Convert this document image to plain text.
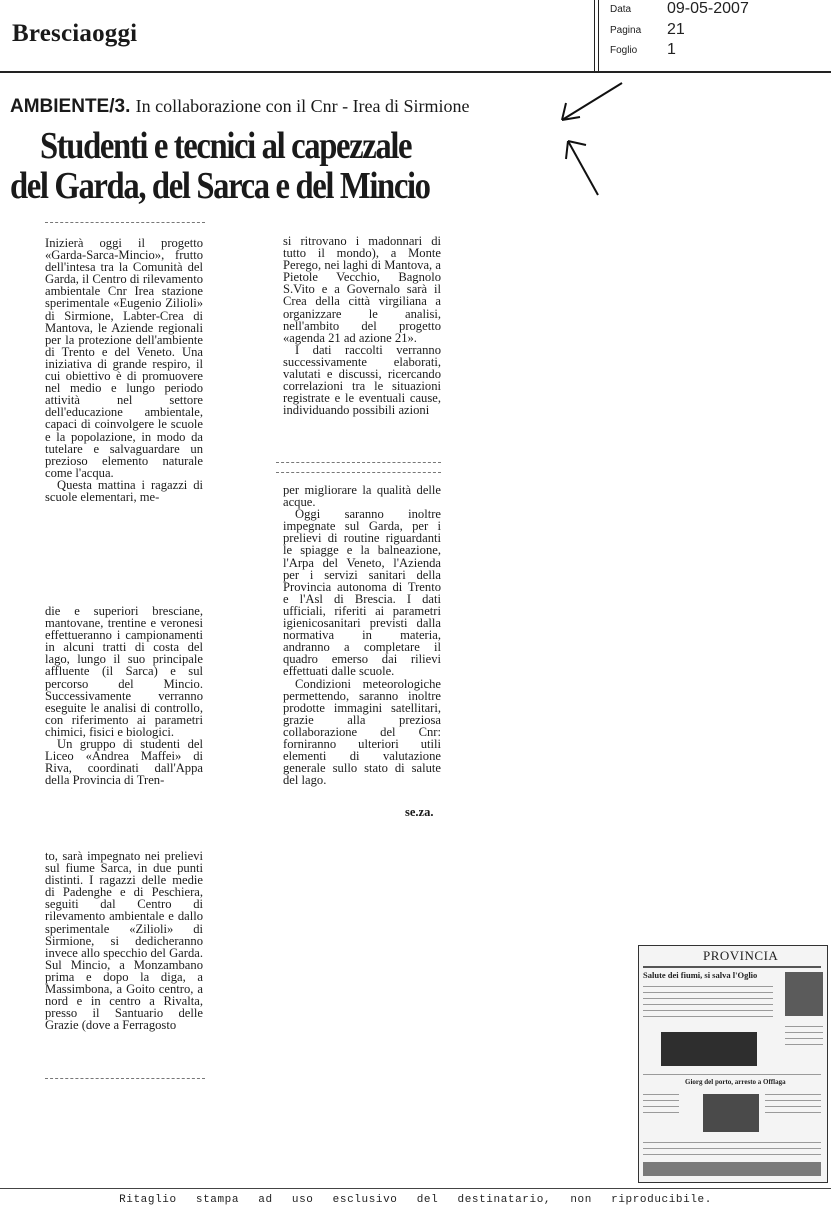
Bresciaoggi
Data 09-05-2007
Pagina 21
Foglio 1
AMBIENTE/3. In collaborazione con il Cnr - Irea di Sirmione
Studenti e tecnici al capezzale
del Garda, del Sarca e del Mincio

Inizierà oggi il progetto «Garda-Sarca-Mincio», frutto dell'intesa tra la Comunità del Garda, il Centro di rilevamento ambientale Cnr Irea stazione sperimentale «Eugenio Zilioli» di Sirmione, Labter-Crea di Mantova, le Aziende regionali per la protezione dell'ambiente di Trento e del Veneto. Una iniziativa di grande respiro, il cui obiettivo è di promuovere nel medio e lungo periodo attività nel settore dell'educazione ambientale, capaci di coinvolgere le scuole e la popolazione, in modo da tutelare e salvaguardare un prezioso elemento naturale come l'acqua.

Questa mattina i ragazzi di scuole elementari, me-

die e superiori bresciane, mantovane, trentine e veronesi effettueranno i campionamenti in alcuni tratti di costa del lago, lungo il suo principale affluente (il Sarca) e sul percorso del Mincio. Successivamente verranno eseguite le analisi di controllo, con riferimento ai parametri chimici, fisici e biologici.

Un gruppo di studenti del Liceo «Andrea Maffei» di Riva, coordinati dall'Appa della Provincia di Tren-

to, sarà impegnato nei prelievi sul fiume Sarca, in due punti distinti. I ragazzi delle medie di Padenghe e di Peschiera, seguiti dal Centro di rilevamento ambientale e dallo sperimentale «Zilioli» di Sirmione, si dedicheranno invece allo specchio del Garda. Sul Mincio, a Monzambano prima e dopo la diga, a Massimbona, a Goito centro, a nord e in centro a Rivalta, presso il Santuario delle Grazie (dove a Ferragosto

si ritrovano i madonnari di tutto il mondo), a Monte Perego, nei laghi di Mantova, a Pietole Vecchio, Bagnolo S.Vito e a Governalo sarà il Crea della città virgiliana a organizzare le analisi, nell'ambito del progetto «agenda 21 ad azione 21».

I dati raccolti verranno successivamente elaborati, valutati e discussi, ricercando correlazioni tra le situazioni registrate e le eventuali cause, individuando possibili azioni

per migliorare la qualità delle acque.

Oggi saranno inoltre impegnate sul Garda, per i prelievi di routine riguardanti le spiagge e la balneazione, l'Arpa del Veneto, l'Azienda per i servizi sanitari della Provincia autonoma di Trento e l'Asl di Brescia. I dati ufficiali, riferiti ai parametri igienicosanitari previsti dalla normativa in materia, andranno a completare il quadro emerso dai rilievi effettuati dalle scuole.

Condizioni meteorologiche permettendo, saranno inoltre prodotte immagini satellitari, grazie alla preziosa collaborazione del Cnr: forniranno ulteriori utili elementi di valutazione generale sullo stato di salute del lago.

se.za.
PROVINCIA
Salute dei fiumi, si salva l'Oglio
Giorg del porto, arresto a Offlaga
Ritaglio stampa ad uso esclusivo del destinatario, non riproducibile.
